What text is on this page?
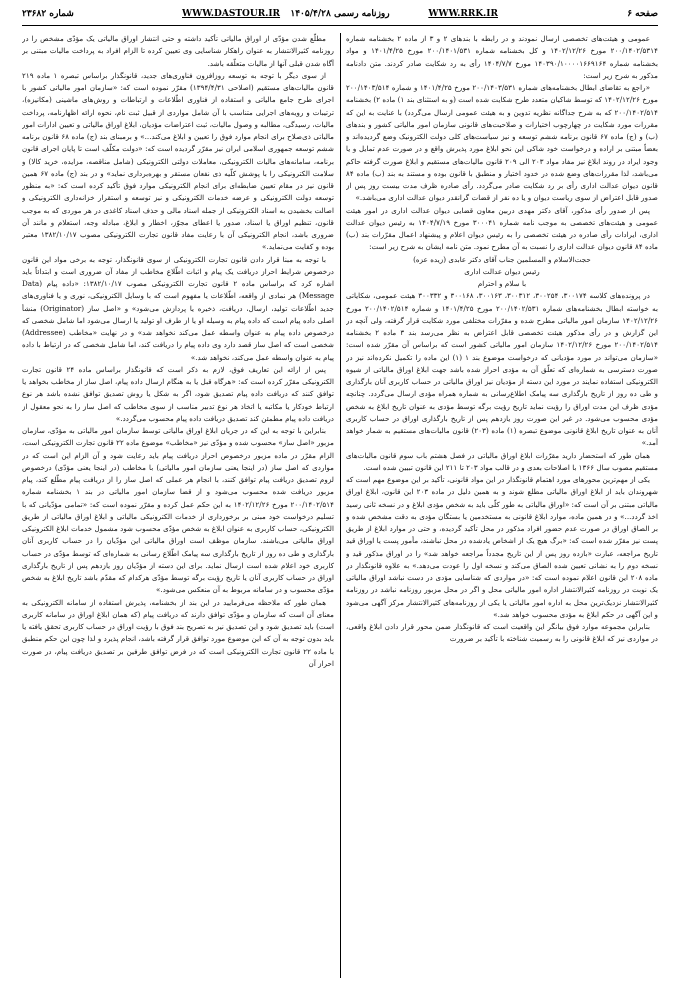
صفحه ۶
WWW.RRK.IR
روزنامه رسمی ۱۴۰۵/۴/۲۸
WWW.DASTOUR.IR
شماره ۲۳۶۸۲

عمومی و هیئت‌های تخصصی ارسال نمودند و در رابطه با بندهای ۲ و ۳ از ماده ۲ بخشنامه شماره ۲۰۰/۱۴۰۲/۵۳۱۴ مورخ ۱۴۰۲/۱۲/۲۶ و کل بخشنامه شماره ۲۰۰/۱۴۰۱/۵۳۱ مورخ ۱۴۰۱/۴/۲۵ و مواد بخشنامه شماره ۱۴۰۳۹۰/۱۰۰۰۰۱۶۶۹۱۶۴ مورخ ۱۴۰۴/۷/۷ رأی به رد شکایت صادر کردند. متن دادنامه مذکور به شرح زیر است:

«راجع به تقاضای ابطال بخشنامه‌های شماره ۲۰۰/۱۴۰۳/۵۳۱ مورخ ۱۴۰۱/۴/۲۵ و شماره ۲۰۰/۱۴۰۳/۵۱۴ مورخ ۱۴۰۲/۱۲/۲۶ که توسط شاکیان متعدد طرح شکایت شده است (و به استثنای بند ۱) ماده ۲) بخشنامه ۲۰۰/۱۴۰۲/۵۱۴ که به شرح جداگانه نظریه تدوین و به هیئت عمومی ارسال می‌گردد) با عنایت به این که مقررات مورد شکایت در چهارچوب اختیارات و صلاحیت‌های قانونی سازمان امور مالیاتی کشور و بندهای (ب) و (ج) ماده ۶۷ قانون برنامه ششم توسعه و نیز سیاست‌های کلی دولت الکترونیک وضع گردیده‌اند و بعضاً مبتنی بر اراده و درخواست خود شاکی این نحو ابلاغ مورد پذیرش واقع و در صورت عدم تمایل و یا وجود ایراد در روند ابلاغ نیز مفاد مواد ۲۰۳ الی ۲۰۹ قانون مالیات‌های مستقیم و ابلاغ صورت گرفته حاکم می‌باشد، لذا مقررات‌های وضع شده در خدود اختیار و منطبق با قانون بوده و مستند به بند (ب) ماده ۸۴ قانون دیوان عدالت اداری رأی بر رد شکایت صادر می‌گردد. رأی صادره ظرف مدت بیست روز پس از صدور قابل اعتراض از سوی ریاست دیوان و یا ده نفر از قضات گرانقدر دیوان عدالت اداری می‌باشد.»

پس از صدور رأی مذکور، آقای دکتر مهدی دربین معاون قضایی دیوان عدالت اداری در امور هیئت عمومی و هیئت‌های تخصصی به موجب نامه شماره ۳۰۰۰۴۱ مورخ ۱۴۰۴/۷/۱۹ به رئیس دیوان عدالت اداری، ایرادات رأی صادره در هیئت تخصصی را به رئیس دیوان اعلام و پیشنهاد اعمال مقرّرات بند (ب) ماده ۸۴ قانون دیوان عدالت اداری را نسبت به آن مطرح نمود. متن نامه ایشان به شرح زیر است:

حجت‌الاسلام و المسلمین جناب آقای دکتر عابدی (زیده عزه)

رئیس دیوان عدالت اداری

با سلام و احترام

در پرونده‌های کلاسه ۳۰۰۱۷۴، ۳۰۰۲۵۴، ۳۰۰۳۱۲، ۳۰۰۱۶۳، ۳۰۰۱۶۸ و ۳۰۰۳۳۲ هیئت عمومی، شکایاتی به خواسته ابطال بخشنامه‌های شماره ۲۰۰/۱۴۰۲/۵۳۱ مورخ ۱۴۰۱/۴/۲۵ و شماره ۲۰۰/۱۴۰۲/۵۱۴ مورخ ۱۴۰۲/۱۲/۲۶ سازمان امور مالیاتی مطرح شده و مقرّرات مختلفی مورد شکایت قرار گرفته، ولی آنچه در این گزارش و در رأی مذکور هیئت تخصصی قابل اعتراض به نظر می‌رسد بند ۳ ماده ۲ بخشنامه ۲۰۰/۱۴۰۲/۵۱۴ مورخ ۱۴۰۲/۱۲/۲۶ سازمان امور مالیاتی کشور است که براساس آن مقرّر شده است: «سازمان می‌تواند در مورد مؤدیانی که درخواست موضوع بند ۱ (۱) این ماده را تکمیل نکرده‌اند نیز در صورت دسترسی به شماره‌ای که تعلّق آن به مؤدی احراز شده باشد جهت ابلاغ اوراق مالیاتی از شیوه الکترونیکی استفاده نمایند در مورد این دسته از مؤدیان نیز اوراق مالیاتی در حساب کاربری آنان بارگذاری و طی ده روز از تاریخ بارگذاری سه پیامک اطلاع‌رسانی به شماره همراه مؤدی ارسال می‌گردد. چنانچه مؤدی ظرف این مدت اوراق را رؤیت نماید تاریخ رؤیت برگه توسط مؤدی به عنوان تاریخ ابلاغ به شخص مؤدی محسوب می‌شود. در غیر این صورت روز یازدهم پس از تاریخ بارگذاری اوراق در حساب کاربری آنان به عنوان تاریخ ابلاغ قانونی موضوع تبصره (۱) ماده (۲۰۳) قانون مالیات‌های مستقیم به شمار خواهد آمد.»

همان طور که استحضار دارید مقرّرات ابلاغ اوراق مالیاتی در فصل هشتم باب سوم قانون مالیات‌های مستقیم مصوب سال ۱۳۶۶ با اصلاحات بعدی و در قالب مواد ۲۰۳ تا ۲۱۱ این قانون تبیین شده است.

یکی از مهم‌ترین محورهای مورد اهتمام قانونگذار در این مواد قانونی، تأکید بر این موضوع مهم است که شهروندان باید از ابلاغ اوراق مالیاتی مطلع شوند و به همین دلیل در ماده ۲۰۳ این قانون، ابلاغ اوراق مالیاتی مبتنی بر آن است که: «اوراق مالیاتی به طور کلّی باید به شخص مؤدی ابلاغ و در نسخه ثانی رسید اخذ گردد...» و در همین ماده، موارد ابلاغ قانونی به مستخدمین یا بستگان مؤدی به دقت مشخص شده و بر الصاق اوراق در صورت عدم حضور افراد مذکور در محل تأکید گردیده، و حتی در موارد ابلاغ از طریق پست نیز مقرّر شده است که: «برگ هیچ یک از اشخاص یادشده در محل نباشند، مأمور پست یا اوراق قید تاریخ مراجعه، عبارت «بازده روز پس از این تاریخ مجدداً مراجعه خواهد شد» را در اوراق مذکور قید و نسخه دوم را به نشانی تعیین شده الصاق می‌کند و نسخه اول را عودت می‌دهد.» به علاوه قانونگذار در ماده ۲۰۸ این قانون اعلام نموده است که: «در مواردی که شناسایی مؤدی در دست نباشد اوراق مالیاتی یک نوبت در روزنامه کثیرالانتشار اداره امور مالیاتی محل و اگر در محل مزبور روزنامه نباشد در روزنامه کثیرالانتشار نزدیک‌ترین محل به اداره امور مالیاتی یا یکی از روزنامه‌های کثیرالانتشار مرکز آگهی می‌شود و این آگهی در حکم ابلاغ به مؤدی محسوب خواهد شد.»

بنابراین مجموعه موارد فوق بیانگر این واقعیت است که قانونگذار ضمن محور قرار دادن ابلاغ واقعی، در مواردی نیز که ابلاغ قانونی را به رسمیت شناخته با تأکید بر ضرورت

مطلّع شدن مؤدّی از اوراق مالیاتی تأکید داشته و حتی انتشار اوراق مالیاتی یک مؤدّی مشخص را در روزنامه کثیرالانتشار به عنوان راهکار شناسایی وی تعیین کرده تا الزام افراد به پرداخت مالیات مبتنی بر آگاه شدن قبلی آنها از مالیات متعلّقه باشد.

از سوی دیگر با توجه به توسعه روزافزون فناوری‌های جدید، قانونگذار براساس تبصره ۱ ماده ۲۱۹ قانون مالیات‌های مستقیم (اصلاحی ۱۳۹۴/۴/۳۱) مقرّر نموده است که: «سازمان امور مالیاتی کشور با اجرای طرح جامع مالیاتی و استفاده از فناوری اطّلاعات و ارتباطات و روش‌های ماشینی (مکانیزه)، ترتیبات و رویه‌های اجرایی متناسب با آن شامل مواردی از قبیل ثبت نام، نحوه ارائه اظهارنامه، پرداخت مالیات، رسیدگی، مطالبه و وصول مالیات، ثبت اعتراضات مؤدیان، ابلاغ اوراق مالیاتی و تعیین ادارات امور مالیاتی ذی‌صلاح برای انجام موارد فوق را تعیین و ابلاغ می‌کند...» و برمبنای بند (ج) ماده ۶۸ قانون برنامه ششم توسعه جمهوری اسلامی ایران نیز مقرّر گردیده است که: «دولت مکلّف است تا پایان اجرای قانون برنامه، سامانه‌های مالیات الکترونیکی، معاملات دولتی الکترونیکی (شامل مناقصه، مزایده، خرید کالا) و سلامت الکترونیکی را با پوشش کلّیه ذی نفعان مستقر و بهره‌برداری نماید» و در بند (ج) ماده ۶۷ همین قانون نیز در مقام تعیین ضابطه‌ای برای انجام الکترونیکی موارد فوق تأکید کرده است که: «به منظور توسعه دولت الکترونیکی و عرضه خدمات الکترونیکی و نیز توسعه و استقرار خزانه‌داری الکترونیکی و اصالت بخشیدن به اسناد الکترونیکی از جمله اسناد مالی و حذف اسناد کاغذی در هر موردی که به موجب قانون، تنظیم اوراق یا اسناد، صدور یا اعطای مجوّز، اخطار و ابلاغ، مبادله وجه، استعلام و مانند آن ضروری باشد، انجام الکترونیکی آن با رعایت مفاد قانون تجارت الکترونیکی مصوب ۱۳۸۲/۱۰/۱۷ معتبر بوده و کفایت می‌نماید.»

با توجه به مبنا قرار دادن قانون تجارت الکترونیکی از سوی قانونگذار، توجه به برخی مواد این قانون درخصوص شرایط احراز دریافت یک پیام و اثبات اطّلاع مخاطب از مفاد آن ضروری است و ابتدائاً باید اشاره کرد که براساس ماده ۲ قانون تجارت الکترونیکی مصوب ۱۳۸۲/۱۰/۱۷: «داده پیام (Data Message) هر نمادی از واقعه، اطّلاعات یا مفهوم است که با وسایل الکترونیکی، نوری و یا فناوری‌های جدید اطّلاعات تولید، ارسال، دریافت، ذخیره یا پردازش می‌شود» و «اصل ساز (Originator) منشأ اصلی داده پیام است که داده پیام به وسیله او یا از طرف او تولید یا ارسال می‌شود اما شامل شخصی که درخصوص داده پیام به عنوان واسطه عمل می‌کند نخواهد شد» و در نهایت «مخاطب (Addressee) شخصی است که اصل ساز قصد دارد وی داده پیام را دریافت کند، اما شامل شخصی که در ارتباط با داده پیام به عنوان واسطه عمل می‌کند، نخواهد شد.»

پس از ارائه این تعاریف فوق، لازم به ذکر است که قانونگذار براساس ماده ۲۴ قانون تجارت الکترونیکی مقرّر کرده است که: «هرگاه قبل یا به هنگام ارسال داده پیام، اصل ساز از مخاطب بخواهد یا توافق کنند که دریافت داده پیام تصدیق شود، اگر به شکل یا روش تصدیق توافق نشده باشد هر نوع ارتباط خودکار یا مکاتبه یا اتخاذ هر نوع تدبیر مناسب از سوی مخاطب که اصل ساز را به نحو معقول از دریافت داده پیام مطمئن کند تصدیق دریافت داده پیام محسوب می‌گردد.»

بنابراین با توجه به این که در جریان ابلاغ اوراق مالیاتی توسط سازمان امور مالیاتی به مؤدّی، سازمان مزبور «اصل ساز» محسوب شده و مؤدّی نیز «مخاطب» موضوع ماده ۲۲ قانون تجارت الکترونیکی است، الزام مقرّر در ماده مزبور درخصوص احراز دریافت پیام باید رعایت شود و آن الزام این است که در مواردی که اصل ساز (در اینجا یعنی سازمان امور مالیاتی) با مخاطب (در اینجا یعنی مؤدّی) درخصوص لزوم تصدیق دریافت پیام توافق کنند، با انجام هر عملی که اصل ساز را از دریافت پیام مطّلع کند، پیام مزبور دریافت شده محسوب می‌شود و از قضا سازمان امور مالیاتی در بند ۱ بخشنامه شماره ۲۰۰/۱۴۰۲/۵۱۴ مورخ ۱۴۰۲/۱۲/۲۶ به این حکم عمل کرده و مقرّر نموده است که: «تمامی مؤدّیانی که با تسلیم درخواست خود مبنی بر برخورداری از خدمات الکترونیکی مالیاتی و ابلاغ اوراق مالیاتی از طریق الکترونیکی، حساب کاربری به عنوان ابلاغ به شخص مؤدّی محسوب شود مشمول خدمات ابلاغ الکترونیکی اوراق مالیاتی می‌باشند. سازمان موظف است اوراق مالیاتی این مؤدّیان را در حساب کاربری آنان بارگذاری و طی ده روز از تاریخ بارگذاری سه پیامک اطّلاع رسانی به شماره‌ای که توسط مؤدّی در حساب کاربری خود اعلام شده است ارسال نماید. برای این دسته از مؤدّیان روز یازدهم پس از تاریخ بارگذاری اوراق در حساب کاربری آنان یا تاریخ رؤیت برگه توسط مؤدّی هرکدام که مقدّم باشد تاریخ ابلاغ به شخص مؤدّی محسوب و در سامانه مربوط به آن منعکس می‌شود.»

همان طور که ملاحظه می‌فرمایید در این بند از بخشنامه، پذیرش استفاده از سامانه الکترونیکی به معنای آن است که سازمان و مؤدّی توافق دارند که دریافت پیام (که همان ابلاغ اوراق در سامانه کاربری است) باید تصدیق شود و این تصدیق نیز به تصریح بند فوق با رؤیت اوراق در حساب کاربری تحقق یافته یا باید بدون توجه به آن که این موضوع مورد توافق قرار گرفته باشد، انجام پذیرد و لذا چون این حکم منطبق با ماده ۲۲ قانون تجارت الکترونیکی است که در فرض توافق طرفین بر تصدیق دریافت پیام، در صورت احراز آن
